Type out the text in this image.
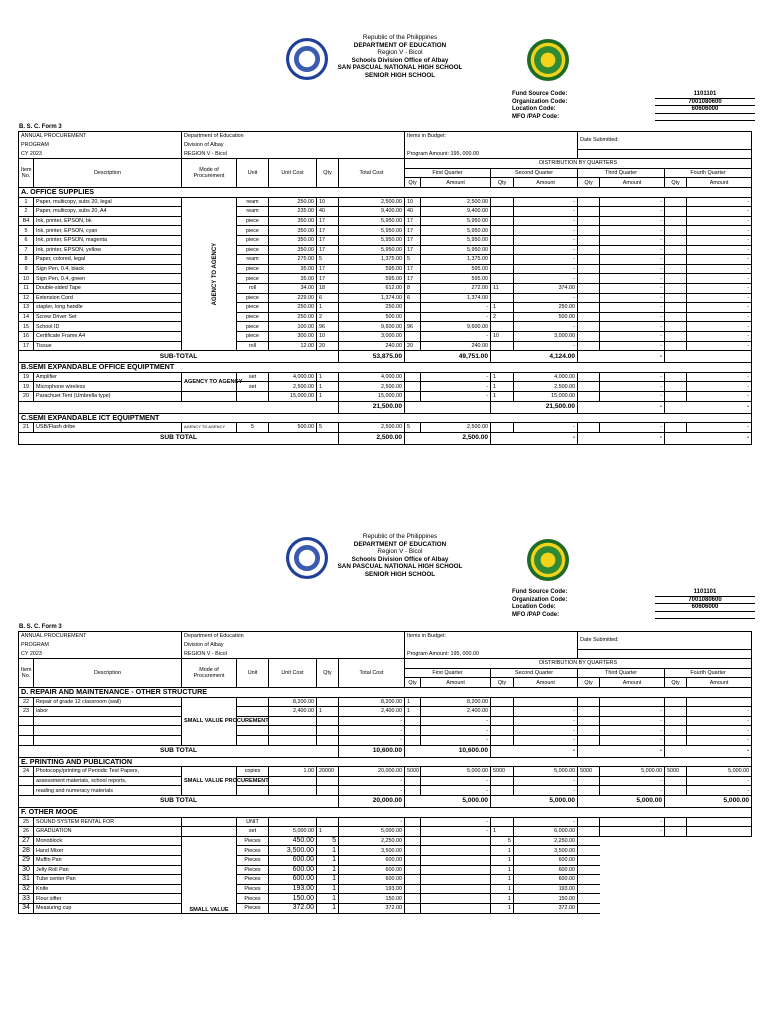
Republic of the Philippines
DEPARTMENT OF EDUCATION
Region V - Bicol
Schools Division Office of Albay
SAN PASCUAL NATIONAL HIGH SCHOOL
SENIOR HIGH SCHOOL
Fund Source Code:
Organization Code:
Location Code:
MFO /PAP Code:
1101101
7001080600
60606000
B. S. C. Form 3
ANNUAL PROCUREMENT		Department of Education					Items in Budget:				Date Submitted:			
PROGRAM		Division of Albay												
CY 2023		REGION V - Bicol					Program Amount: 195, 000.00							
Item No.	Description	Mode of Procurement	Unit	Unit Cost	Qty	Total Cost	DISTRIBUTION BY QUARTERS							
							First Quarter		Second Quarter		Third Quarter		Fourth Quarter	
							Qty	Amount	Qty	Amount	Qty	Amount	Qty	Amount
A. OFFICE SUPPLIES														
1	Paper, multicopy, subs 20, legal	AGENCY TO AGENCY	ream	250.00	10	2,500.00	10	2,500.00		-		-		-
2	Paper, multicopy, subs 20, A4		ream	235.00	40	9,400.00	40	9,400.00		-		-		-
B4	Ink, printer, EPSON, bk		piece	350.00	17	5,950.00	17	5,950.00		-		-		-
5	Ink, printer, EPSON, cyan		piece	350.00	17	5,950.00	17	5,950.00		-		-		-
6	Ink, printer, EPSON, magenta		piece	350.00	17	5,950.00	17	5,950.00		-		-		-
7	Ink, printer, EPSON, yellow		piece	350.00	17	5,950.00	17	5,950.00		-		-		-
8	Paper, colored, legal		ream	275.00	5	1,375.00	5	1,375.00		-		-		-
9	Sign Pen, 0.4, black		piece	35.00	17	595.00	17	595.00		-		-		-
10	Sign Pen, 0.4, green		piece	35.00	17	595.00	17	595.00		-		-		-
11	Double-sided Tape		roll	34.00	18	612.00	8	272.00	11	374.00		-		-
12	Extension Cord		piece	229.00	6	1,374.00	6	1,374.00		-		-		-
13	stapler, long handle		piece	250.00	1	250.00		-	1	250.00		-		-
14	Screw Driver Set		piece	250.00	2	500.00		-	2	500.00		-		-
15	School ID		piece	100.00	96	9,600.00	96	9,600.00		-		-		-
16	Certificate Frame A4		piece	300.00	10	3,000.00		-	10	3,000.00		-		-
17	Tissue		roll	12.00	20	240.00	20	240.00		-		-		-
SUB-TOTAL						53,875.00	49,751.00		4,124.00		-			
B.SEMI EXPANDABLE OFFICE EQUIPTMENT														
19	Amplifier	AGENCY TO AGENCY	set	4,000.00	1	4,000.00		-	1	4,000.00		-		-
19	Microphone wireless		set	2,500.00	1	2,500.00		-	1	2,500.00		-		-
20	Parachuet Tent (Umbrella type)			15,000.00	1	15,000.00		-	1	15,000.00		-		-
						21,500.00			21,500.00		-		-	
C.SEMI EXPANDABLE ICT EQUIPTMENT														
21	USB/Flash dribe	AGENCY TO AGENCY	5	500.00	5	2,500.00	5	2,500.00		-		-		-
SUB TOTAL						2,500.00	2,500.00		-		-		-	
Republic of the Philippines
DEPARTMENT OF EDUCATION
Region V - Bicol
Schools Division Office of Albay
SAN PASCUAL NATIONAL HIGH SCHOOL
SENIOR HIGH SCHOOL
Fund Source Code:
Organization Code:
Location Code:
MFO /PAP Code:
1101101
7001080600
60606000
B. S. C. Form 3
ANNUAL PROCUREMENT		Department of Education					Items in Budget:				Date Submitted:			
PROGRAM		Division of Albay												
CY 2023		REGION V - Bicol					Program Amount: 195, 000.00							
Item No.	Description	Mode of Procurement	Unit	Unit Cost	Qty	Total Cost	DISTRIBUTION BY QUARTERS							
							First Quarter		Second Quarter		Third Quarter		Fourth Quarter	
							Qty	Amount	Qty	Amount	Qty	Amount	Qty	Amount
D. REPAIR AND MAINTENANCE - OTHER STRUCTURE														
22	Repair of grade 12 classroom (wall)	SMALL VALUE PROCUREMENT		8,200.00		8,200.00	1	8,200.00						
23	labor			2,400.00	1	2,400.00	1	2,400.00		-		-		-
						-		-		-		-		-
						-		-		-		-		-
						-		-		-		-		-
SUB TOTAL						10,600.00	10,600.00		-		-		-	
E. PRINTING AND PUBLICATION														
24	Photocopy/printing of Periodic Test Papers,	SMALL VALUE PROCUREMENT	copies	1.00	20000	20,000.00	5000	5,000.00	5000	5,000.00	5000	5,000.00	5000	5,000.00
	assessment materials, school reports,					-		-		-		-		-
	reading and numeracy materials					-		-		-		-		-
SUB TOTAL						20,000.00	5,000.00		5,000.00		5,000.00		5,000.00	
F. OTHER MOOE														
25	SOUND SYSTEM RENTAL FOR		UNIT			-		-		-		-		
26	GRADUATION		set	5,000.00	1	5,000.00		-	1	6,000.00		-		
27	Monoblock	SMALL VALUE	Pieces	450.00	5	2,250.00			5	2,250.00				
28	Hand Mixer		Pieces	3,500.00	1	3,500.00			1	3,500.00				
29	Muffin Pan		Pieces	600.00	1	600.00			1	600.00				
30	Jelly Roll Pan		Pieces	600.00	1	600.00			1	600.00				
31	Tube center Pan		Pieces	600.00	1	600.00			1	600.00				
32	Knife		Pieces	193.00	1	193.00			1	193.00				
33	Flour sifter		Pieces	150.00	1	150.00			1	150.00				
34	Measuring cup		Pieces	372.00	1	372.00			1	372.00				
